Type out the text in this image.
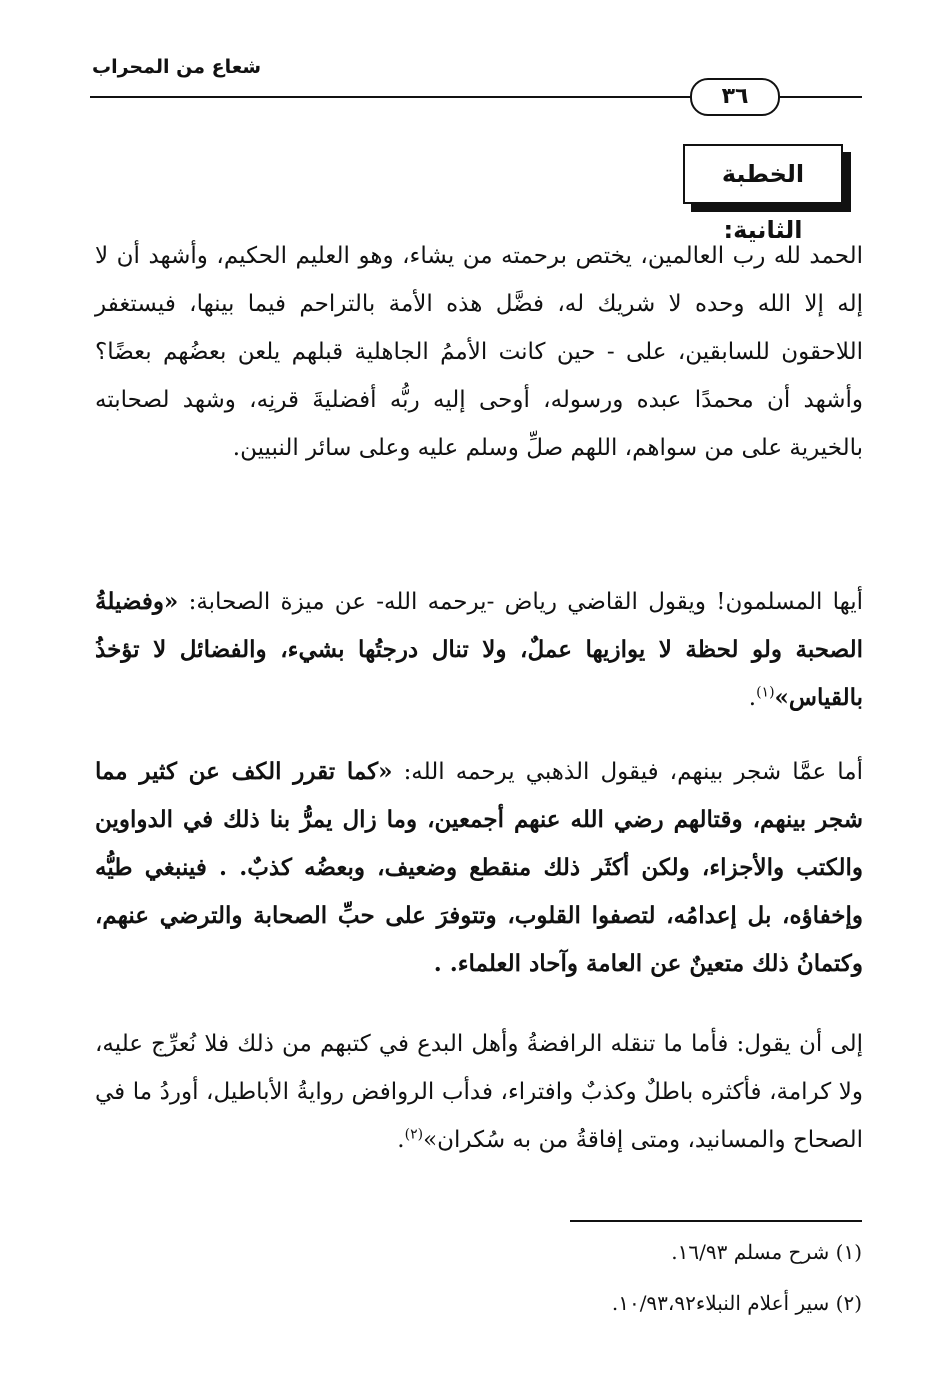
٣٦
شعاع من المحراب
الخطبة الثانية:
الحمد لله رب العالمين، يختص برحمته من يشاء، وهو العليم الحكيم، وأشهد أن لا إله إلا الله وحده لا شريك له، فضَّل هذه الأمة بالتراحم فيما بينها، فيستغفر اللاحقون للسابقين، على - حين كانت الأممُ الجاهلية قبلهم يلعن بعضُهم بعضًا؟ وأشهد أن محمدًا عبده ورسوله، أوحى إليه ربُّه أفضليةَ قرنِه، وشهد لصحابته بالخيرية على من سواهم، اللهم صلِّ وسلم عليه وعلى سائر النبيين.
أيها المسلمون! ويقول القاضي رياض -يرحمه الله- عن ميزة الصحابة: «وفضيلةُ الصحبة ولو لحظة لا يوازيها عملٌ، ولا تنال درجتُها بشيء، والفضائل لا تؤخذُ بالقياس»$^{(١)}$.
أما عمَّا شجر بينهم، فيقول الذهبي يرحمه الله: «كما تقرر الكف عن كثير مما شجر بينهم، وقتالهم رضي الله عنهم أجمعين، وما زال يمرُّ بنا ذلك في الدواوين والكتب والأجزاء، ولكن أكثَر ذلك منقطع وضعيف، وبعضُه كذبٌ. . فينبغي طيُّه وإخفاؤه، بل إعدامُه، لتصفوا القلوب، وتتوفرَ على حبِّ الصحابة والترضي عنهم، وكتمانُ ذلك متعينٌ عن العامة وآحاد العلماء. .
إلى أن يقول: فأما ما تنقله الرافضةُ وأهل البدع في كتبهم من ذلك فلا نُعرِّج عليه، ولا كرامة، فأكثره باطلٌ وكذبٌ وافتراء، فدأب الروافض روايةُ الأباطيل، أوردُ ما في الصحاح والمسانيد، ومتى إفاقةُ من به سُكران»$^{(٢)}$.
(١) شرح مسلم ١٦/٩٣.
(٢) سير أعلام النبلاء١٠/٩٣،٩٢.
